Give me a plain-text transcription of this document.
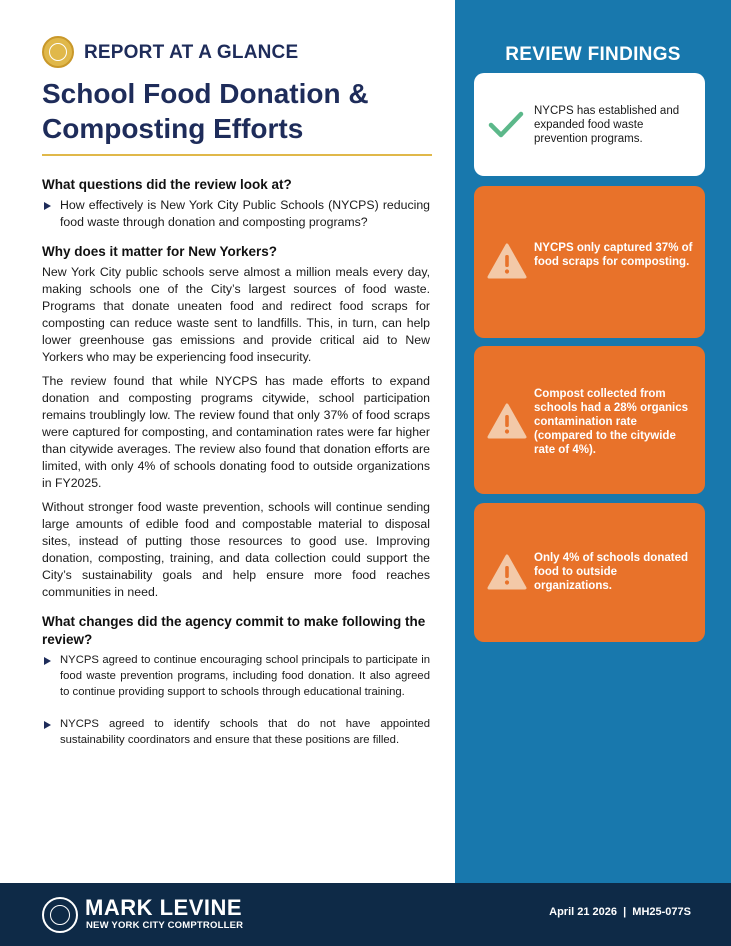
REPORT AT A GLANCE
School Food Donation & Composting Efforts
What questions did the review look at?
How effectively is New York City Public Schools (NYCPS) reducing food waste through donation and composting programs?
Why does it matter for New Yorkers?

New York City public schools serve almost a million meals every day, making schools one of the City’s largest sources of food waste. Programs that donate uneaten food and redirect food scraps for composting can reduce waste sent to landfills. This, in turn, can help lower greenhouse gas emissions and provide critical aid to New Yorkers who may be experiencing food insecurity.

The review found that while NYCPS has made efforts to expand donation and composting programs citywide, school participation remains troublingly low. The review found that only 37% of food scraps were captured for composting, and contamination rates were far higher than citywide averages. The review also found that donation efforts are limited, with only 4% of schools donating food to outside organizations in FY2025.

Without stronger food waste prevention, schools will continue sending large amounts of edible food and compostable material to disposal sites, instead of putting those resources to good use. Improving donation, composting, training, and data collection could support the City’s sustainability goals and help ensure more food reaches communities in need.

What changes did the agency commit to make following the review?
NYCPS agreed to continue encouraging school principals to participate in food waste prevention programs, including food donation. It also agreed to continue providing support to schools through educational training.
NYCPS agreed to identify schools that do not have appointed sustainability coordinators and ensure that these positions are filled.
REVIEW FINDINGS
NYCPS has established and expanded food waste prevention programs.
NYCPS only captured 37% of food scraps for composting.
Compost collected from schools had a 28% organics contamination rate (compared to the citywide rate of 4%).
Only 4% of schools donated food to outside organizations.
MARK LEVINE
NEW YORK CITY COMPTROLLER
April 21 2026  |  MH25-077S
